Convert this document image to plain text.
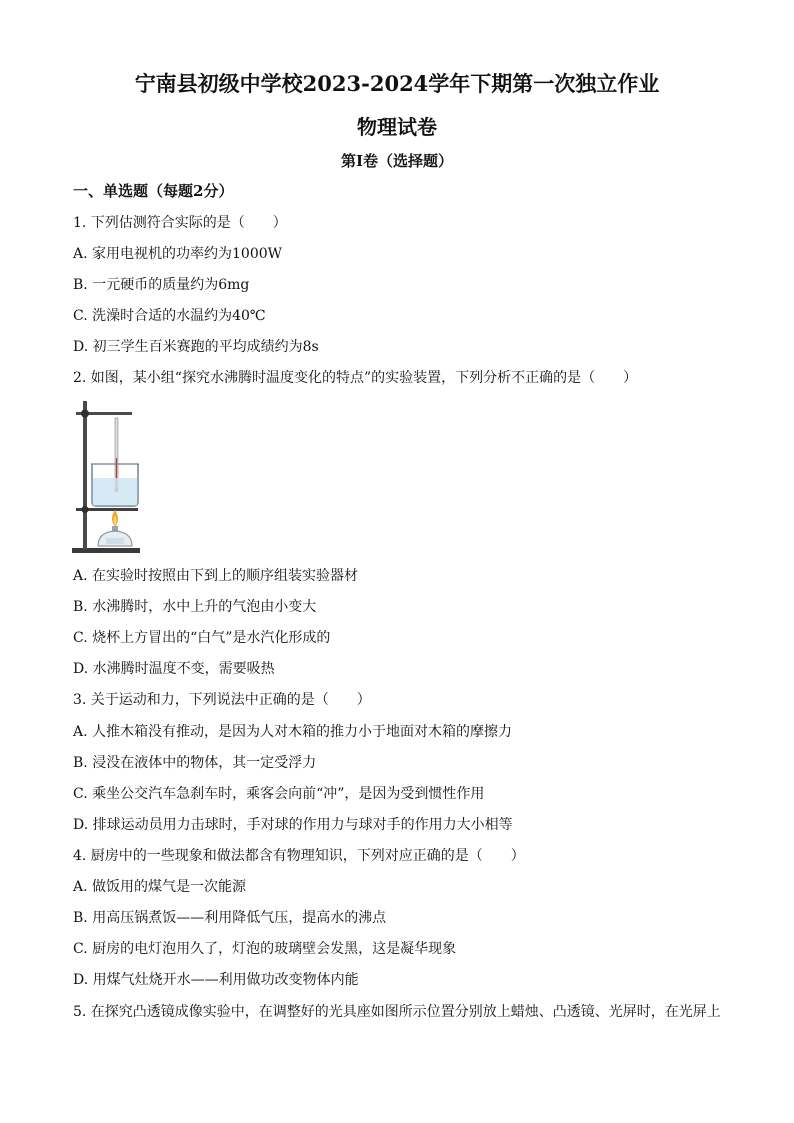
宁南县初级中学校2023-2024学年下期第一次独立作业
物理试卷
第I卷（选择题）
一、单选题（每题2分）
1. 下列估测符合实际的是（　　）
A. 家用电视机的功率约为1000W
B. 一元硬币的质量约为6mg
C. 洗澡时合适的水温约为40℃
D. 初三学生百米赛跑的平均成绩约为8s
2. 如图，某小组“探究水沸腾时温度变化的特点”的实验装置，下列分析不正确的是（　　）
A. 在实验时按照由下到上的顺序组装实验器材
B. 水沸腾时，水中上升的气泡由小变大
C. 烧杯上方冒出的“白气”是水汽化形成的
D. 水沸腾时温度不变，需要吸热
3. 关于运动和力，下列说法中正确的是（　　）
A. 人推木箱没有推动，是因为人对木箱的推力小于地面对木箱的摩擦力
B. 浸没在液体中的物体，其一定受浮力
C. 乘坐公交汽车急刹车时，乘客会向前“冲”，是因为受到惯性作用
D. 排球运动员用力击球时，手对球的作用力与球对手的作用力大小相等
4. 厨房中的一些现象和做法都含有物理知识，下列对应正确的是（　　）
A. 做饭用的煤气是一次能源
B. 用高压锅煮饭——利用降低气压，提高水的沸点
C. 厨房的电灯泡用久了，灯泡的玻璃壁会发黑，这是凝华现象
D. 用煤气灶烧开水——利用做功改变物体内能
5. 在探究凸透镜成像实验中，在调整好的光具座如图所示位置分别放上蜡烛、凸透镜、光屏时，在光屏上
